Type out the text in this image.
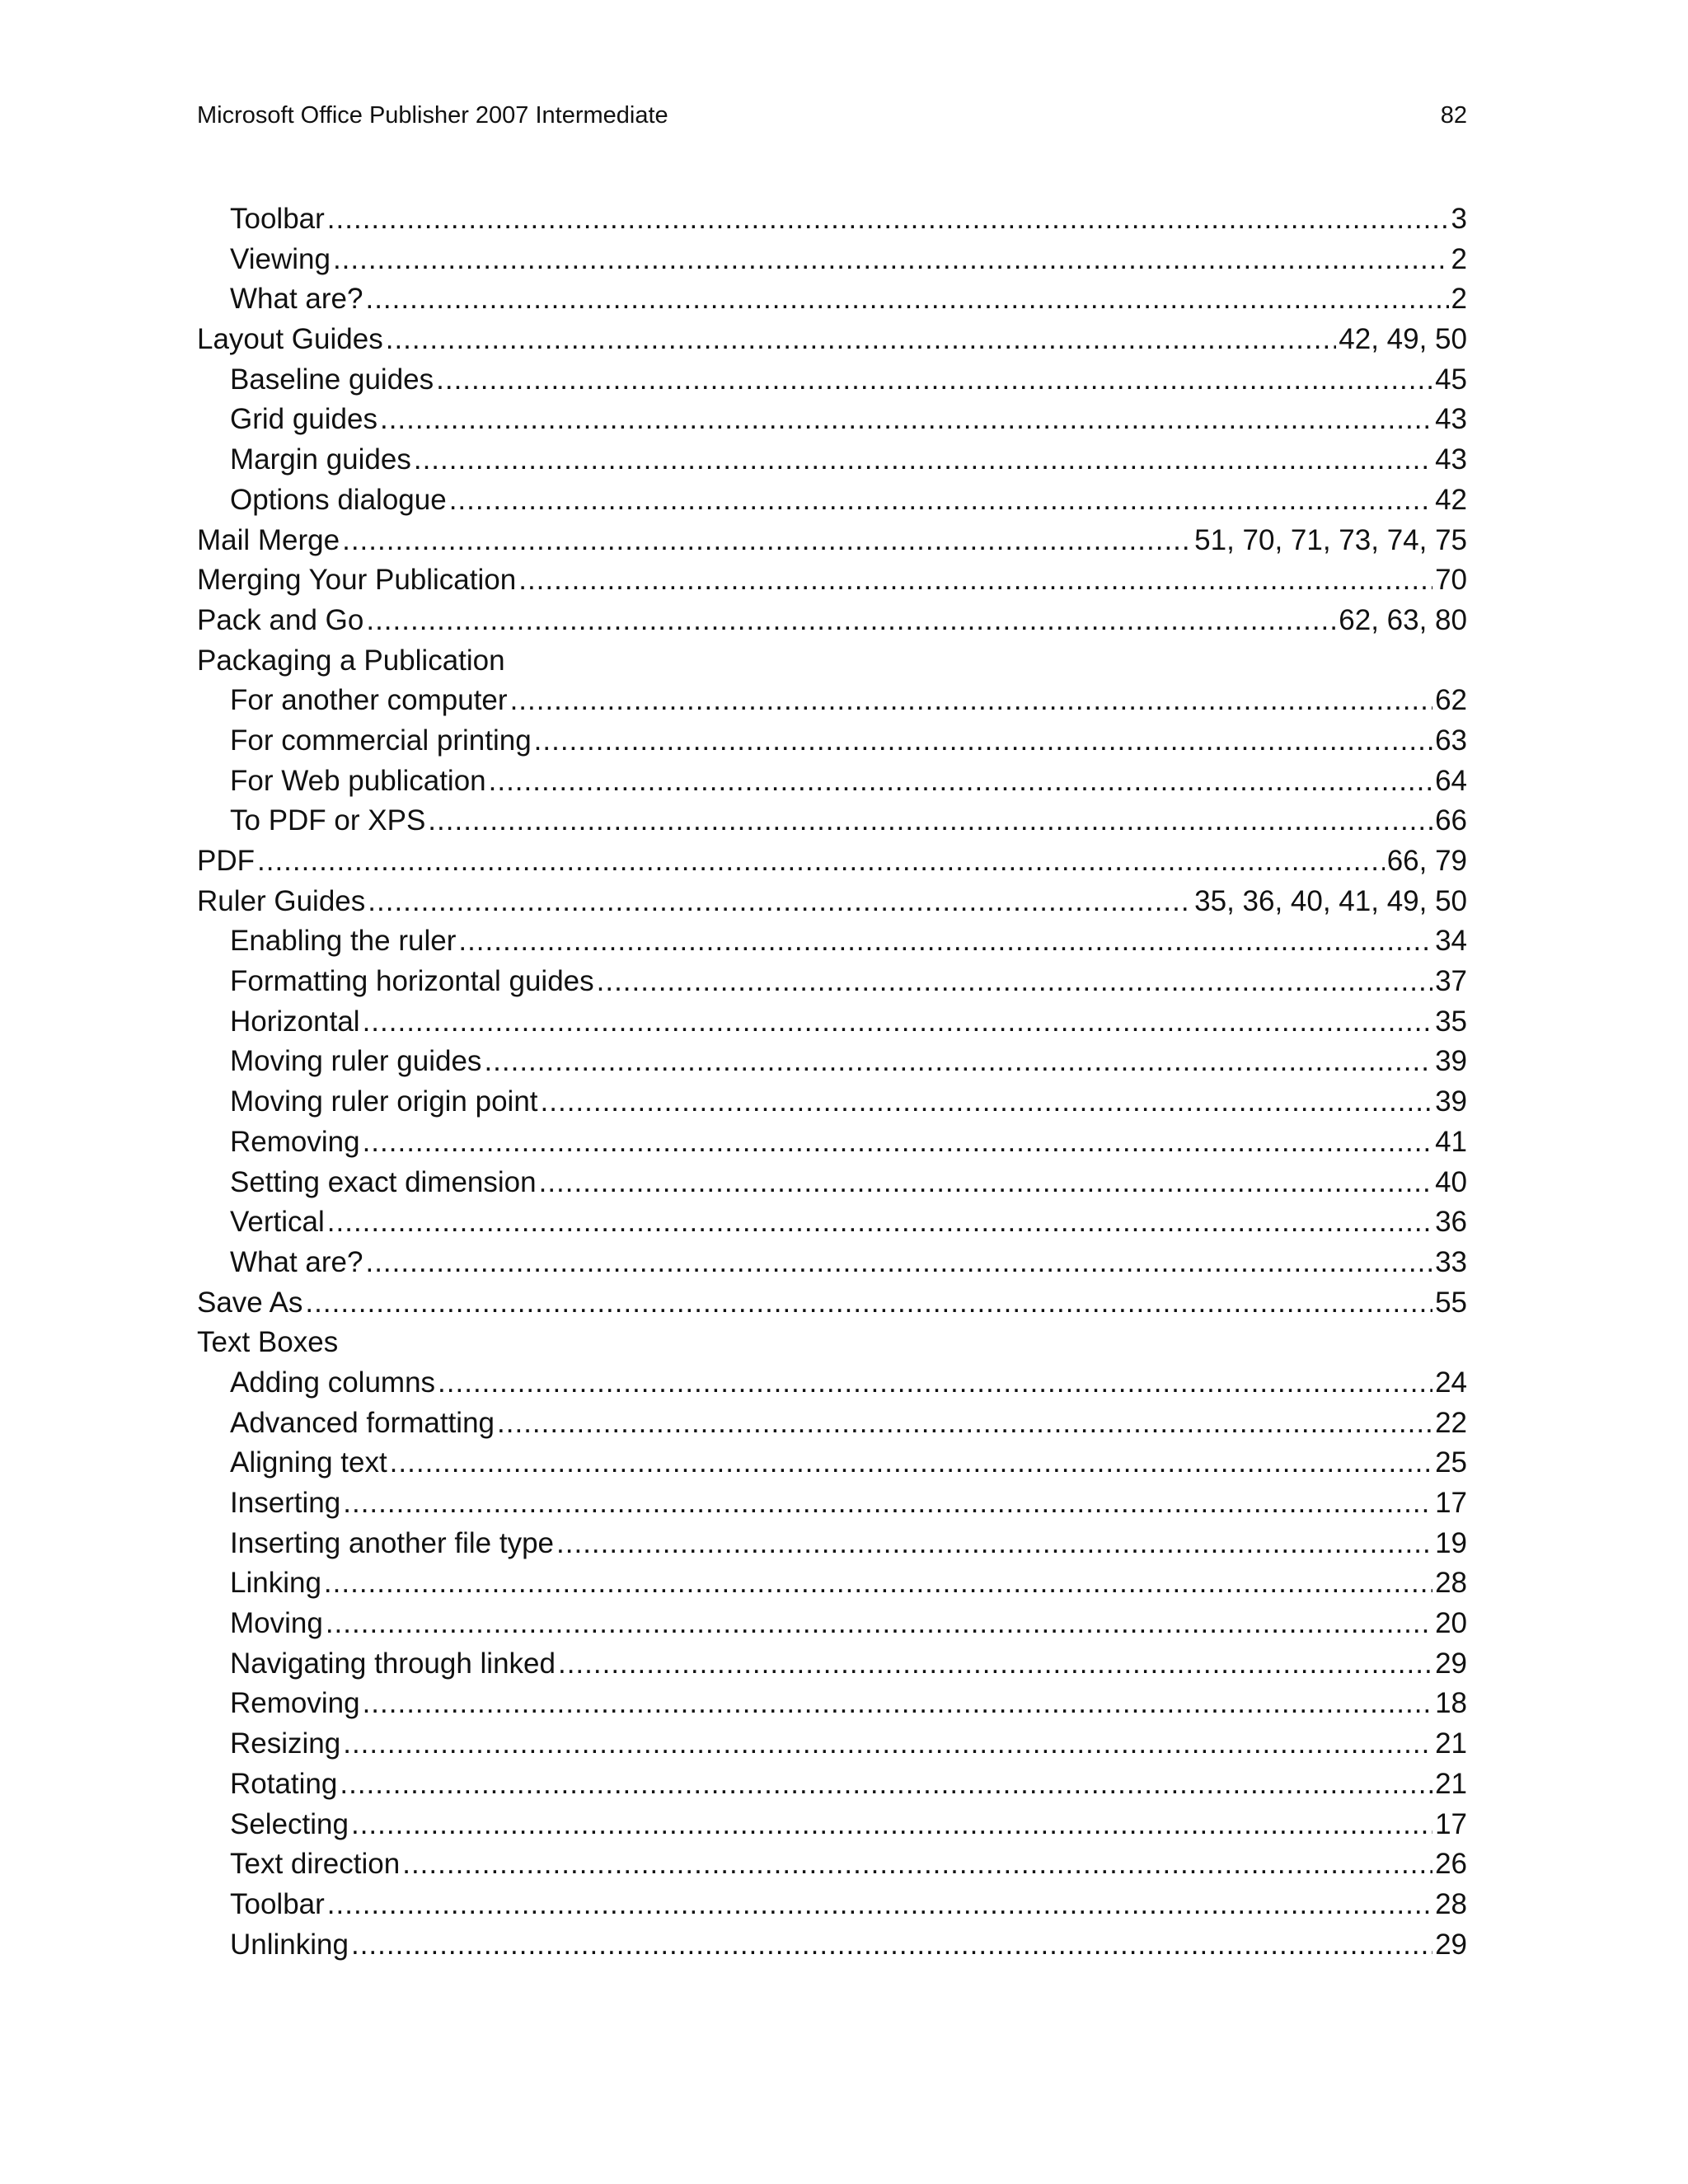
Microsoft Office Publisher 2007 Intermediate	82
Toolbar .....	3
Viewing .....	2
What are? .....	2
Layout Guides .....	42, 49, 50
Baseline guides .....	45
Grid guides .....	43
Margin guides .....	43
Options dialogue .....	42
Mail Merge .....	51, 70, 71, 73, 74, 75
Merging Your Publication .....	70
Pack and Go .....	62, 63, 80
Packaging a Publication
For another computer .....	62
For commercial printing .....	63
For Web publication .....	64
To PDF or XPS .....	66
PDF .....	66, 79
Ruler Guides .....	35, 36, 40, 41, 49, 50
Enabling the ruler .....	34
Formatting horizontal guides .....	37
Horizontal .....	35
Moving ruler guides .....	39
Moving ruler origin point .....	39
Removing .....	41
Setting exact dimension .....	40
Vertical .....	36
What are? .....	33
Save As .....	55
Text Boxes
Adding columns .....	24
Advanced formatting .....	22
Aligning text .....	25
Inserting .....	17
Inserting another file type .....	19
Linking .....	28
Moving .....	20
Navigating through linked .....	29
Removing .....	18
Resizing .....	21
Rotating .....	21
Selecting .....	17
Text direction .....	26
Toolbar .....	28
Unlinking .....	29
